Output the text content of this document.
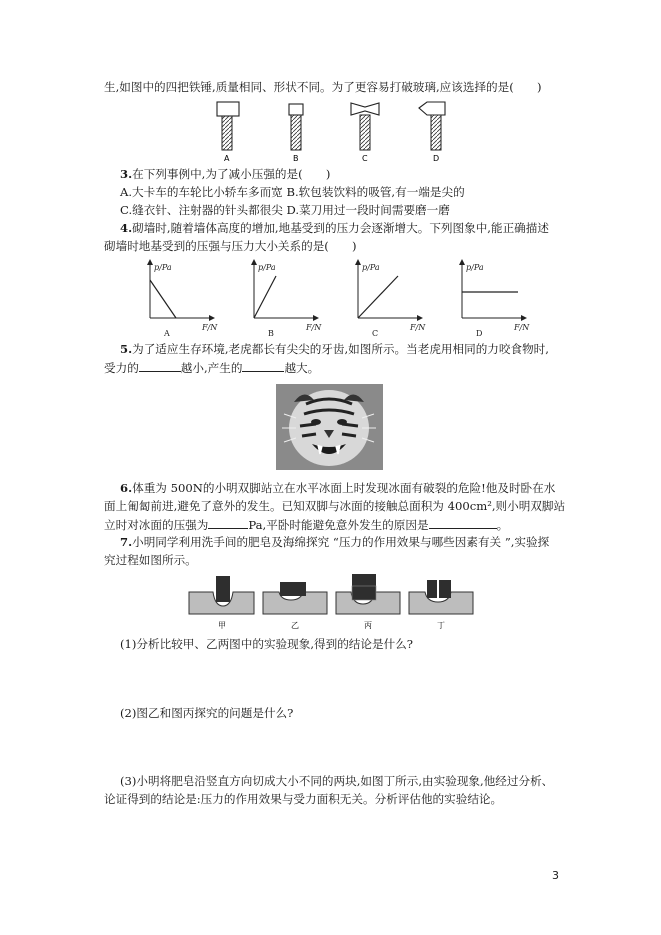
生,如图中的四把铁锤,质量相同、形状不同。为了更容易打破玻璃,应该选择的是(　　)
A	B	C	D
3.在下列事例中,为了减小压强的是(　　)
A.大卡车的车轮比小轿车多而宽 B.软包装饮料的吸管,有一端是尖的
C.缝衣针、注射器的针头都很尖 D.菜刀用过一段时间需要磨一磨
4.砌墙时,随着墙体高度的增加,地基受到的压力会逐渐增大。下列图象中,能正确描述
砌墙时地基受到的压强与压力大小关系的是(　　)
p/Pa
F/N
A
p/Pa
F/N
B
p/Pa
F/N
C
p/Pa
F/N
D
5.为了适应生存环境,老虎都长有尖尖的牙齿,如图所示。当老虎用相同的力咬食物时,
受力的	越小,产生的	越大。
6.体重为 500N的小明双脚站立在水平冰面上时发现冰面有破裂的危险!他及时卧在水
面上匍匐前进,避免了意外的发生。已知双脚与冰面的接触总面积为 400cm²,则小明双脚站
立时对冰面的压强为	Pa,平卧时能避免意外发生的原因是	。
7.小明同学利用洗手间的肥皂及海绵探究 “压力的作用效果与哪些因素有关 ”,实验探
究过程如图所示。
甲	乙	丙	丁
(1)分析比较甲、乙两图中的实验现象,得到的结论是什么?
(2)图乙和图丙探究的问题是什么?
(3)小明将肥皂沿竖直方向切成大小不同的两块,如图丁所示,由实验现象,他经过分析、
论证得到的结论是:压力的作用效果与受力面积无关。分析评估他的实验结论。
3
